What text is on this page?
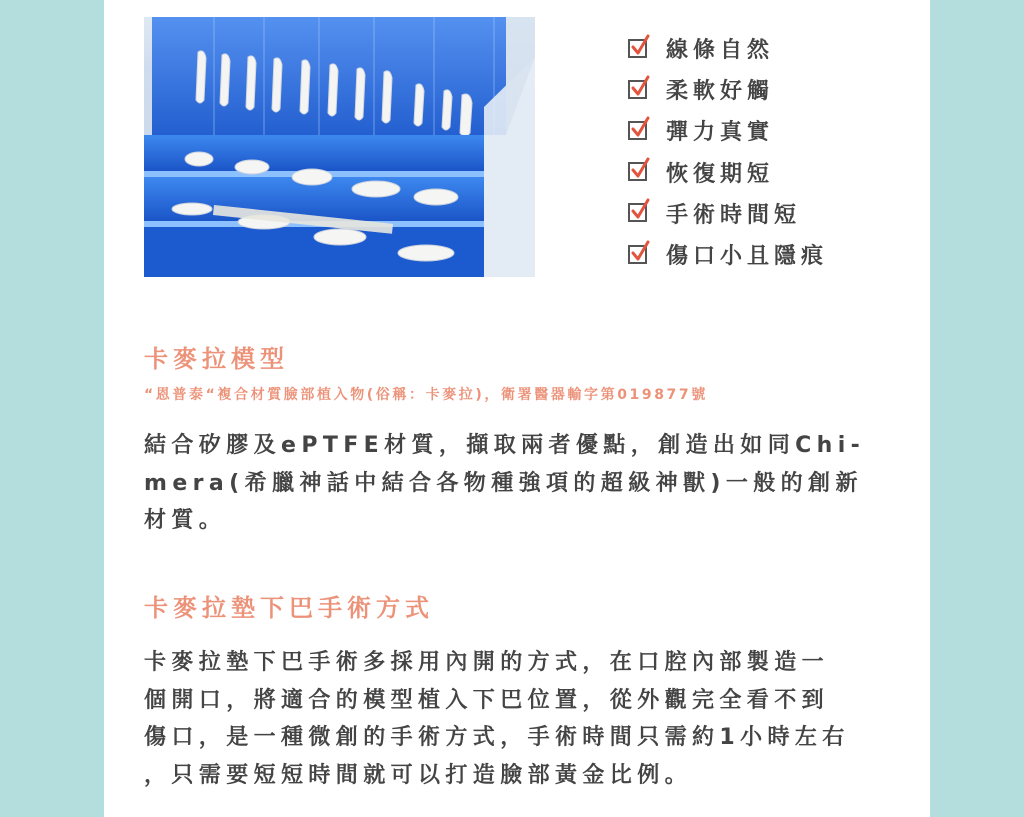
線條自然
柔軟好觸
彈力真實
恢復期短
手術時間短
傷口小且隱痕
卡麥拉模型

“恩普泰“複合材質臉部植入物(俗稱：卡麥拉)，衛署醫器輸字第019877號

結合矽膠及ePTFE材質，擷取兩者優點，創造出如同Chi-
mera(希臘神話中結合各物種強項的超級神獸)一般的創新
材質。
卡麥拉墊下巴手術方式
卡麥拉墊下巴手術多採用內開的方式，在口腔內部製造一
個開口，將適合的模型植入下巴位置，從外觀完全看不到
傷口，是一種微創的手術方式，手術時間只需約1小時左右
，只需要短短時間就可以打造臉部黃金比例。
